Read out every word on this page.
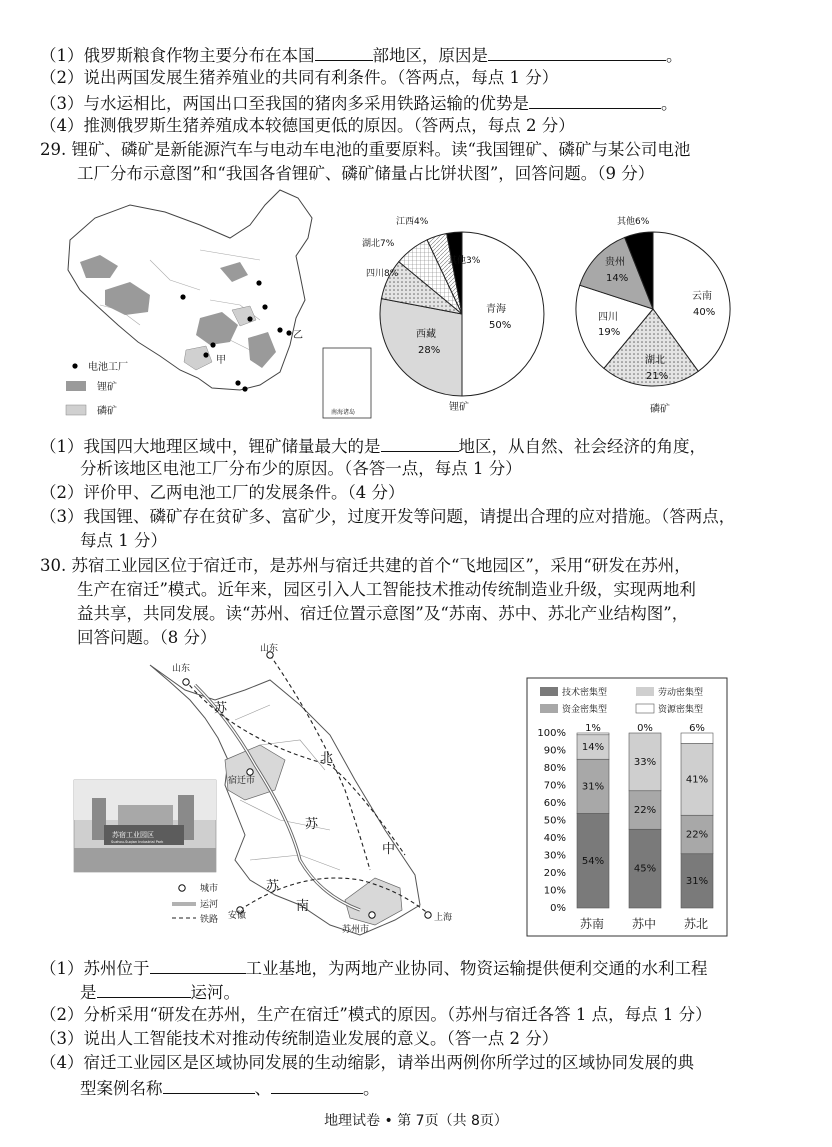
（1）俄罗斯粮食作物主要分布在本国	部地区，原因是	。
（2）说出两国发展生猪养殖业的共同有利条件。（答两点，每点 1 分）
（3）与水运相比，两国出口至我国的猪肉多采用铁路运输的优势是	。
（4）推测俄罗斯生猪养殖成本较德国更低的原因。（答两点，每点 2 分）
29. 锂矿、磷矿是新能源汽车与电动车电池的重要原料。读“我国锂矿、磷矿与某公司电池
工厂分布示意图”和“我国各省锂矿、磷矿储量占比饼状图”，回答问题。（9 分）
乙
甲
南海诸岛
电池工厂
锂矿
磷矿
其他3%
江西4%
湖北7%
四川8%
青海
50%
西藏
28%
锂矿
其他6%
云南
40%
湖北
21%
四川
19%
贵州
14%
磷矿
（1）我国四大地理区域中，锂矿储量最大的是	地区，从自然、社会经济的角度，
分析该地区电池工厂分布少的原因。（各答一点，每点 1 分）
（2）评价甲、乙两电池工厂的发展条件。（4 分）
（3）我国锂、磷矿存在贫矿多、富矿少，过度开发等问题，请提出合理的应对措施。（答两点，
每点 1 分）
30. 苏宿工业园区位于宿迁市，是苏州与宿迁共建的首个“飞地园区”，采用“研发在苏州，
生产在宿迁”模式。近年来，园区引入人工智能技术推动传统制造业升级，实现两地利
益共享，共同发展。读“苏州、宿迁位置示意图”及“苏南、苏中、苏北产业结构图”，
回答问题。（8 分）
山东
山东
苏
北
苏
中
苏
南
宿迁市
苏州市
安徽	上海
城市
运河
铁路
苏宿工业园区
Suzhou-Suqian Industrial Park
技术密集型	劳动密集型
资金密集型	资源密集型
0%
10%
20%
30%
40%
50%
60%
70%
80%
90%
100%
54%
31%
14%
1%
45%
22%
33%
0%
31%
22%
41%
6%
苏南 苏中 苏北
（1）苏州位于	工业基地，为两地产业协同、物资运输提供便利交通的水利工程
是	运河。
（2）分析采用“研发在苏州，生产在宿迁”模式的原因。（苏州与宿迁各答 1 点，每点 1 分）
（3）说出人工智能技术对推动传统制造业发展的意义。（答一点 2 分）
（4）宿迁工业园区是区域协同发展的生动缩影，请举出两例你所学过的区域协同发展的典
型案例名称	、	。
地理试卷 • 第 7页（共 8页）
